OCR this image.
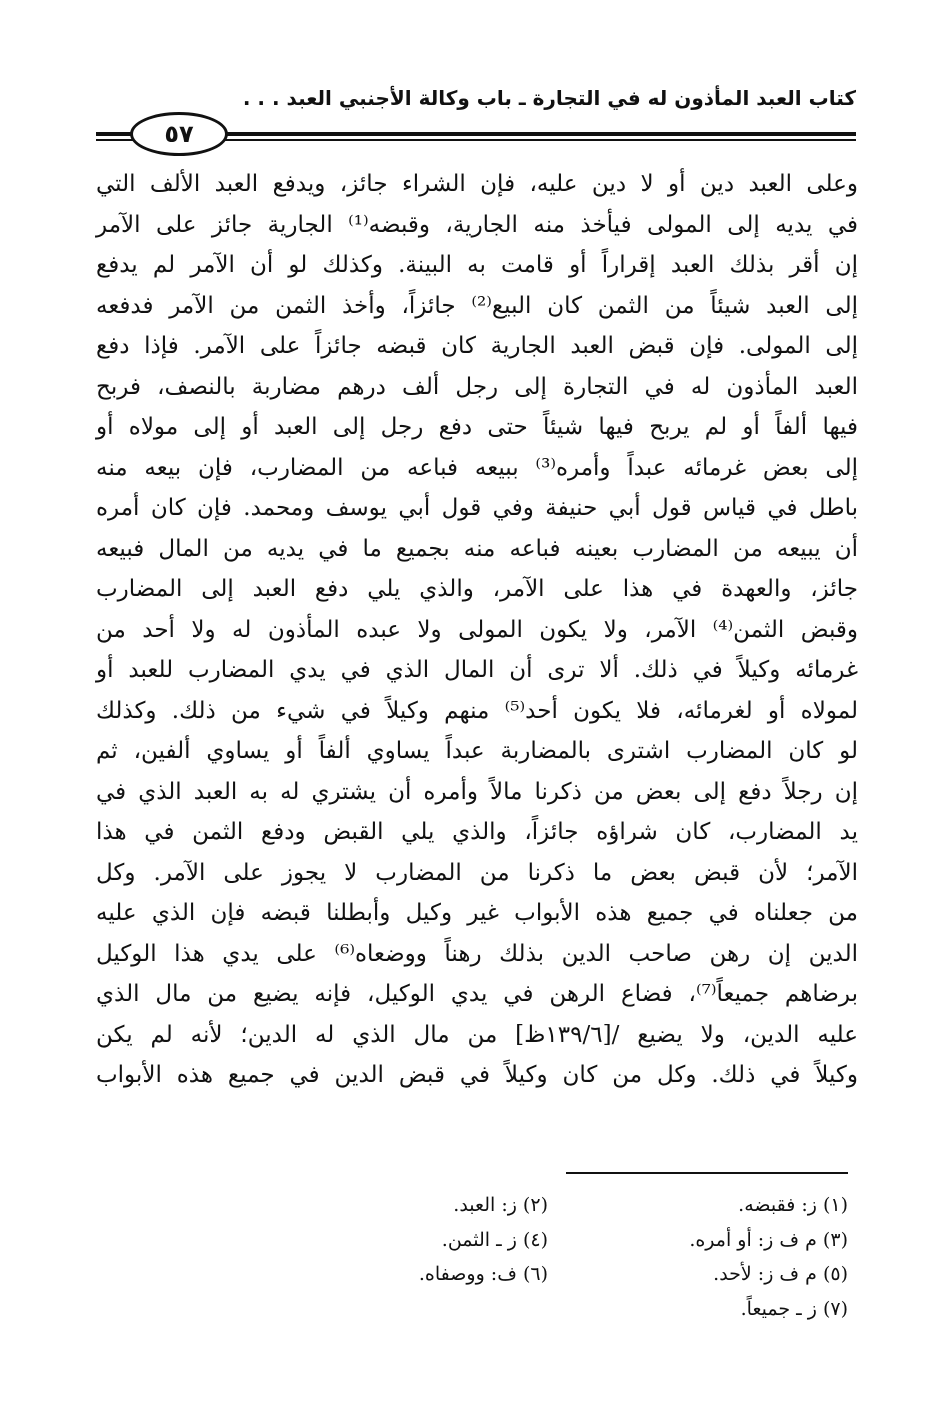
كتاب العبد المأذون له في التجارة ـ باب وكالة الأجنبي العبد . . .
٥٧
وعلى العبد دين أو لا دين عليه، فإن الشراء جائز، ويدفع العبد الألف التي
في يديه إلى المولى فيأخذ منه الجارية، وقبضه⁽¹⁾ الجارية جائز على الآمر
إن أقر بذلك العبد إقراراً أو قامت به البينة. وكذلك لو أن الآمر لم يدفع
إلى العبد شيئاً من الثمن كان البيع⁽²⁾ جائزاً، وأخذ الثمن من الآمر فدفعه
إلى المولى. فإن قبض العبد الجارية كان قبضه جائزاً على الآمر. فإذا دفع
العبد المأذون له في التجارة إلى رجل ألف درهم مضاربة بالنصف، فربح
فيها ألفاً أو لم يربح فيها شيئاً حتى دفع رجل إلى العبد أو إلى مولاه أو
إلى بعض غرمائه عبداً وأمره⁽³⁾ ببيعه فباعه من المضارب، فإن بيعه منه
باطل في قياس قول أبي حنيفة وفي قول أبي يوسف ومحمد. فإن كان أمره
أن يبيعه من المضارب بعينه فباعه منه بجميع ما في يديه من المال فبيعه
جائز، والعهدة في هذا على الآمر، والذي يلي دفع العبد إلى المضارب
وقبض الثمن⁽⁴⁾ الآمر، ولا يكون المولى ولا عبده المأذون له ولا أحد من
غرمائه وكيلاً في ذلك. ألا ترى أن المال الذي في يدي المضارب للعبد أو
لمولاه أو لغرمائه، فلا يكون أحد⁽⁵⁾ منهم وكيلاً في شيء من ذلك. وكذلك
لو كان المضارب اشترى بالمضاربة عبداً يساوي ألفاً أو يساوي ألفين، ثم
إن رجلاً دفع إلى بعض من ذكرنا مالاً وأمره أن يشتري له به العبد الذي في
يد المضارب، كان شراؤه جائزاً، والذي يلي القبض ودفع الثمن في هذا
الآمر؛ لأن قبض بعض ما ذكرنا من المضارب لا يجوز على الآمر. وكل
من جعلناه في جميع هذه الأبواب غير وكيل وأبطلنا قبضه فإن الذي عليه
الدين إن رهن صاحب الدين بذلك رهناً ووضعاه⁽⁶⁾ على يدي هذا الوكيل
برضاهم جميعاً⁽⁷⁾، فضاع الرهن في يدي الوكيل، فإنه يضيع من مال الذي
عليه الدين، ولا يضيع /[١٣٩/٦ظ] من مال الذي له الدين؛ لأنه لم يكن
وكيلاً في ذلك. وكل من كان وكيلاً في قبض الدين في جميع هذه الأبواب
(١) ز: فقبضه.
(٢) ز: العبد.
(٣) م ف ز: أو أمره.
(٤) ز ـ الثمن.
(٥) م ف ز: لأحد.
(٦) ف: ووصفاه.
(٧) ز ـ جميعاً.
